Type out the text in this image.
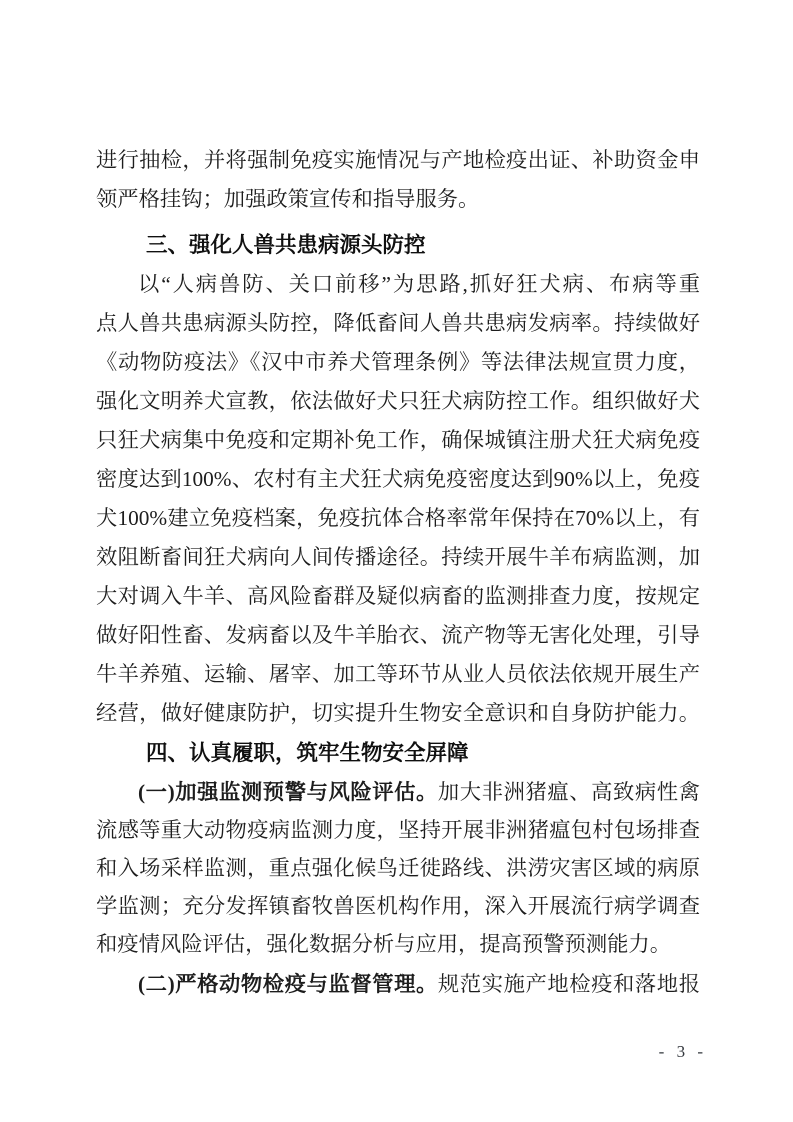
进行抽检，并将强制免疫实施情况与产地检疫出证、补助资金申
领严格挂钩；加强政策宣传和指导服务。
三、强化人兽共患病源头防控
以“人病兽防、关口前移”为思路,抓好狂犬病、布病等重
点人兽共患病源头防控，降低畜间人兽共患病发病率。持续做好
《动物防疫法》《汉中市养犬管理条例》等法律法规宣贯力度，
强化文明养犬宣教，依法做好犬只狂犬病防控工作。组织做好犬
只狂犬病集中免疫和定期补免工作，确保城镇注册犬狂犬病免疫
密度达到100%、农村有主犬狂犬病免疫密度达到90%以上，免疫
犬100%建立免疫档案，免疫抗体合格率常年保持在70%以上，有
效阻断畜间狂犬病向人间传播途径。持续开展牛羊布病监测，加
大对调入牛羊、高风险畜群及疑似病畜的监测排查力度，按规定
做好阳性畜、发病畜以及牛羊胎衣、流产物等无害化处理，引导
牛羊养殖、运输、屠宰、加工等环节从业人员依法依规开展生产
经营，做好健康防护，切实提升生物安全意识和自身防护能力。
四、认真履职，筑牢生物安全屏障
(一)加强监测预警与风险评估。加大非洲猪瘟、高致病性禽
流感等重大动物疫病监测力度，坚持开展非洲猪瘟包村包场排查
和入场采样监测，重点强化候鸟迁徙路线、洪涝灾害区域的病原
学监测；充分发挥镇畜牧兽医机构作用，深入开展流行病学调查
和疫情风险评估，强化数据分析与应用，提高预警预测能力。
(二)严格动物检疫与监督管理。规范实施产地检疫和落地报
- 3 -
